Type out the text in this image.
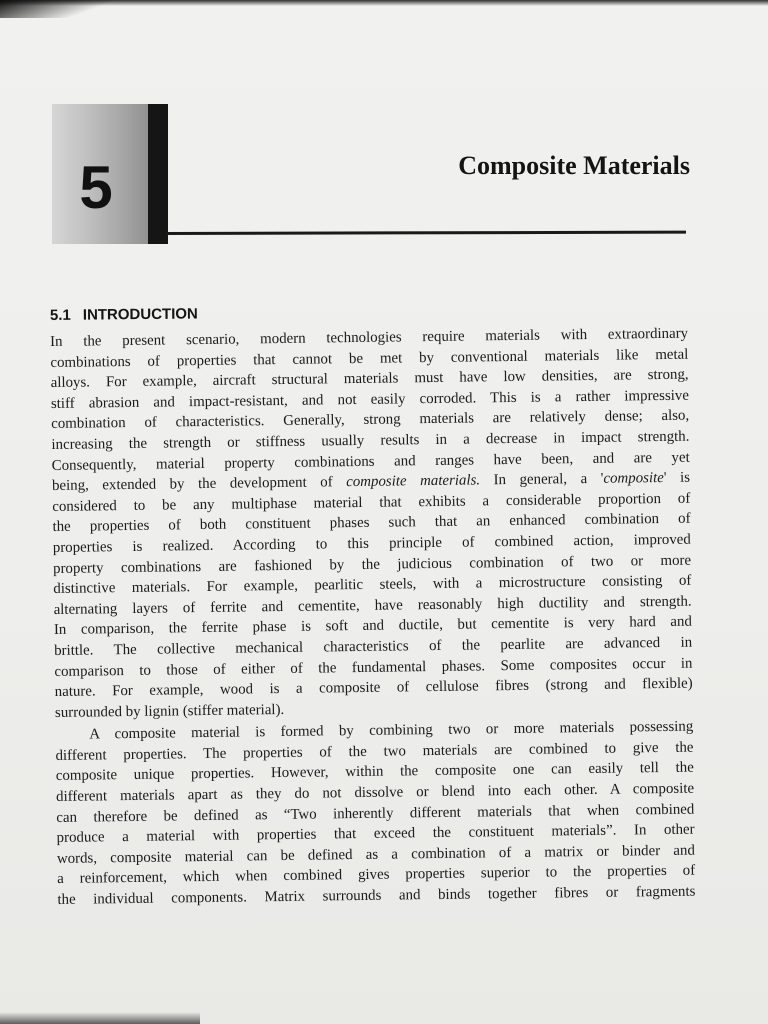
5	Composite Materials
5.1 INTRODUCTION
In the present scenario, modern technologies require materials with extraordinary
combinations of properties that cannot be met by conventional materials like metal
alloys. For example, aircraft structural materials must have low densities, are strong,
stiff abrasion and impact-resistant, and not easily corroded. This is a rather impressive
combination of characteristics. Generally, strong materials are relatively dense; also,
increasing the strength or stiffness usually results in a decrease in impact strength.
Consequently, material property combinations and ranges have been, and are yet
being, extended by the development of composite materials. In general, a 'composite' is
considered to be any multiphase material that exhibits a considerable proportion of
the properties of both constituent phases such that an enhanced combination of
properties is realized. According to this principle of combined action, improved
property combinations are fashioned by the judicious combination of two or more
distinctive materials. For example, pearlitic steels, with a microstructure consisting of
alternating layers of ferrite and cementite, have reasonably high ductility and strength.
In comparison, the ferrite phase is soft and ductile, but cementite is very hard and
brittle. The collective mechanical characteristics of the pearlite are advanced in
comparison to those of either of the fundamental phases. Some composites occur in
nature. For example, wood is a composite of cellulose fibres (strong and flexible)
surrounded by lignin (stiffer material).
A composite material is formed by combining two or more materials possessing
different properties. The properties of the two materials are combined to give the
composite unique properties. However, within the composite one can easily tell the
different materials apart as they do not dissolve or blend into each other. A composite
can therefore be defined as “Two inherently different materials that when combined
produce a material with properties that exceed the constituent materials”. In other
words, composite material can be defined as a combination of a matrix or binder and
a reinforcement, which when combined gives properties superior to the properties of
the individual components. Matrix surrounds and binds together fibres or fragments
